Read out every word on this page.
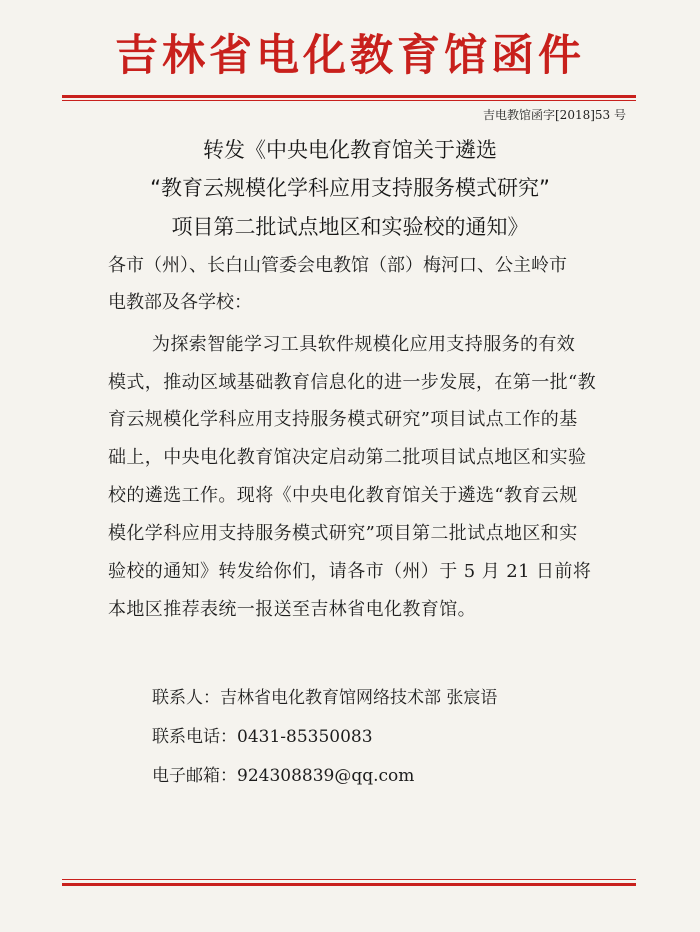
吉林省电化教育馆函件
吉电教馆函字[2018]53 号
转发《中央电化教育馆关于遴选
“教育云规模化学科应用支持服务模式研究”
项目第二批试点地区和实验校的通知》
各市（州）、长白山管委会电教馆（部）梅河口、公主岭市
电教部及各学校：
为探索智能学习工具软件规模化应用支持服务的有效
模式，推动区域基础教育信息化的进一步发展，在第一批“教
育云规模化学科应用支持服务模式研究”项目试点工作的基
础上，中央电化教育馆决定启动第二批项目试点地区和实验
校的遴选工作。现将《中央电化教育馆关于遴选“教育云规
模化学科应用支持服务模式研究”项目第二批试点地区和实
验校的通知》转发给你们，请各市（州）于 5 月 21 日前将
本地区推荐表统一报送至吉林省电化教育馆。
联系人：吉林省电化教育馆网络技术部 张宸语
联系电话：0431-85350083
电子邮箱：924308839@qq.com
